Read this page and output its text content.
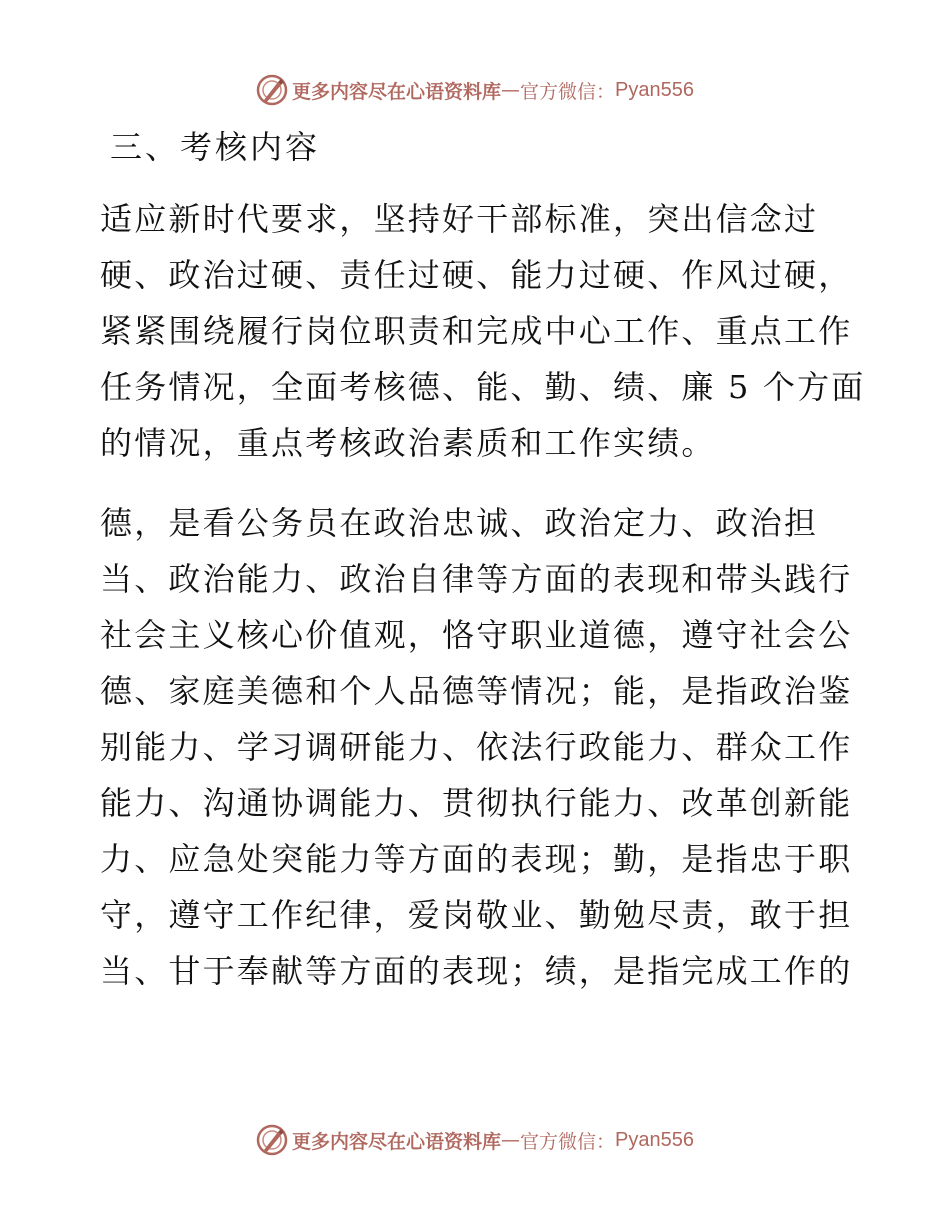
更多内容尽在心语资料库 — 官方微信： Pyan556
三、考核内容
适应新时代要求，坚持好干部标准，突出信念过
硬、政治过硬、责任过硬、能力过硬、作风过硬，
紧紧围绕履行岗位职责和完成中心工作、重点工作
任务情况，全面考核德、能、勤、绩、廉 5 个方面
的情况，重点考核政治素质和工作实绩。
德，是看公务员在政治忠诚、政治定力、政治担
当、政治能力、政治自律等方面的表现和带头践行
社会主义核心价值观，恪守职业道德，遵守社会公
德、家庭美德和个人品德等情况；能，是指政治鉴
别能力、学习调研能力、依法行政能力、群众工作
能力、沟通协调能力、贯彻执行能力、改革创新能
力、应急处突能力等方面的表现；勤，是指忠于职
守，遵守工作纪律，爱岗敬业、勤勉尽责，敢于担
当、甘于奉献等方面的表现；绩，是指完成工作的
更多内容尽在心语资料库 — 官方微信： Pyan556
